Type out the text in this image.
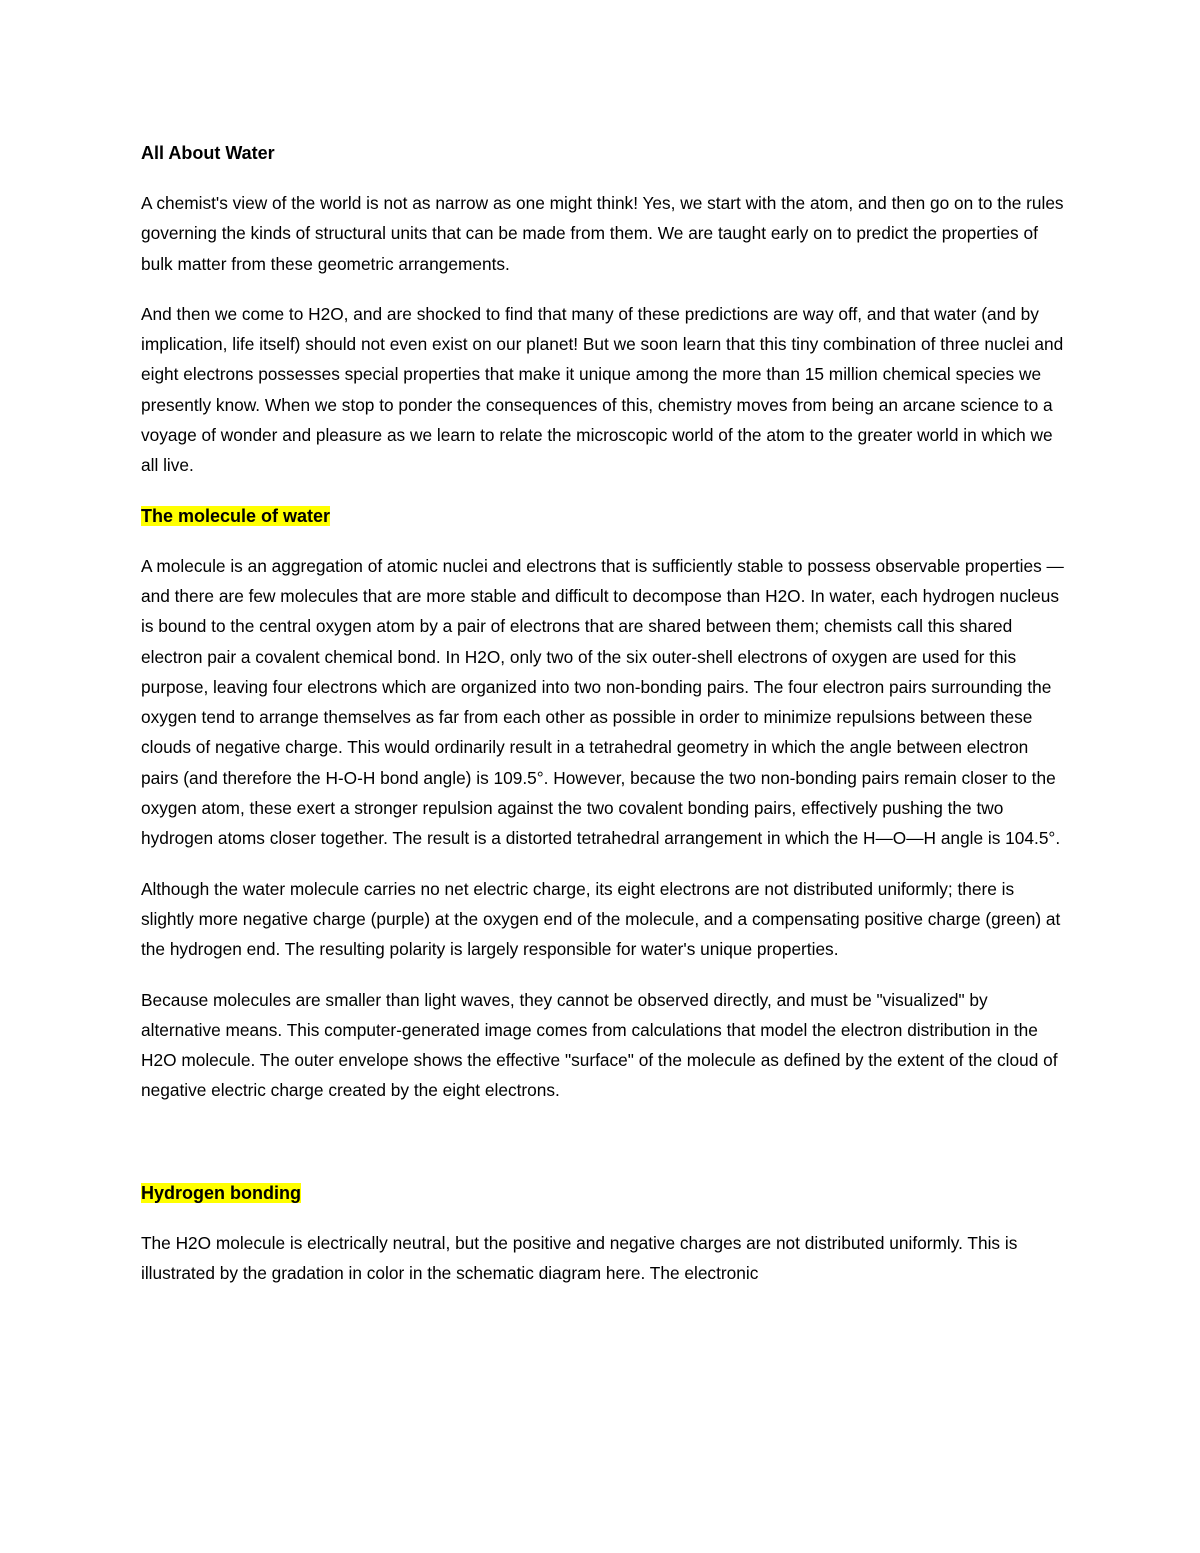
All About Water

A chemist's view of the world is not as narrow as one might think! Yes, we start with the atom, and then go on to the rules governing the kinds of structural units that can be made from them. We are taught early on to predict the properties of bulk matter from these geometric arrangements.

And then we come to H2O, and are shocked to find that many of these predictions are way off, and that water (and by implication, life itself) should not even exist on our planet! But we soon learn that this tiny combination of three nuclei and eight electrons possesses special properties that make it unique among the more than 15 million chemical species we presently know. When we stop to ponder the consequences of this, chemistry moves from being an arcane science to a voyage of wonder and pleasure as we learn to relate the microscopic world of the atom to the greater world in which we all live.

The molecule of water

A molecule is an aggregation of atomic nuclei and electrons that is sufficiently stable to possess observable properties — and there are few molecules that are more stable and difficult to decompose than H2O. In water, each hydrogen nucleus is bound to the central oxygen atom by a pair of electrons that are shared between them; chemists call this shared electron pair a covalent chemical bond. In H2O, only two of the six outer-shell electrons of oxygen are used for this purpose, leaving four electrons which are organized into two non-bonding pairs. The four electron pairs surrounding the oxygen tend to arrange themselves as far from each other as possible in order to minimize repulsions between these clouds of negative charge. This would ordinarily result in a tetrahedral geometry in which the angle between electron pairs (and therefore the H-O-H bond angle) is 109.5°. However, because the two non-bonding pairs remain closer to the oxygen atom, these exert a stronger repulsion against the two covalent bonding pairs, effectively pushing the two hydrogen atoms closer together. The result is a distorted tetrahedral arrangement in which the H—O—H angle is 104.5°.

Although the water molecule carries no net electric charge, its eight electrons are not distributed uniformly; there is slightly more negative charge (purple) at the oxygen end of the molecule, and a compensating positive charge (green) at the hydrogen end. The resulting polarity is largely responsible for water's unique properties.

Because molecules are smaller than light waves, they cannot be observed directly, and must be "visualized" by alternative means. This computer-generated image comes from calculations that model the electron distribution in the H2O molecule. The outer envelope shows the effective "surface" of the molecule as defined by the extent of the cloud of negative electric charge created by the eight electrons.

Hydrogen bonding

The H2O molecule is electrically neutral, but the positive and negative charges are not distributed uniformly. This is illustrated by the gradation in color in the schematic diagram here. The electronic
